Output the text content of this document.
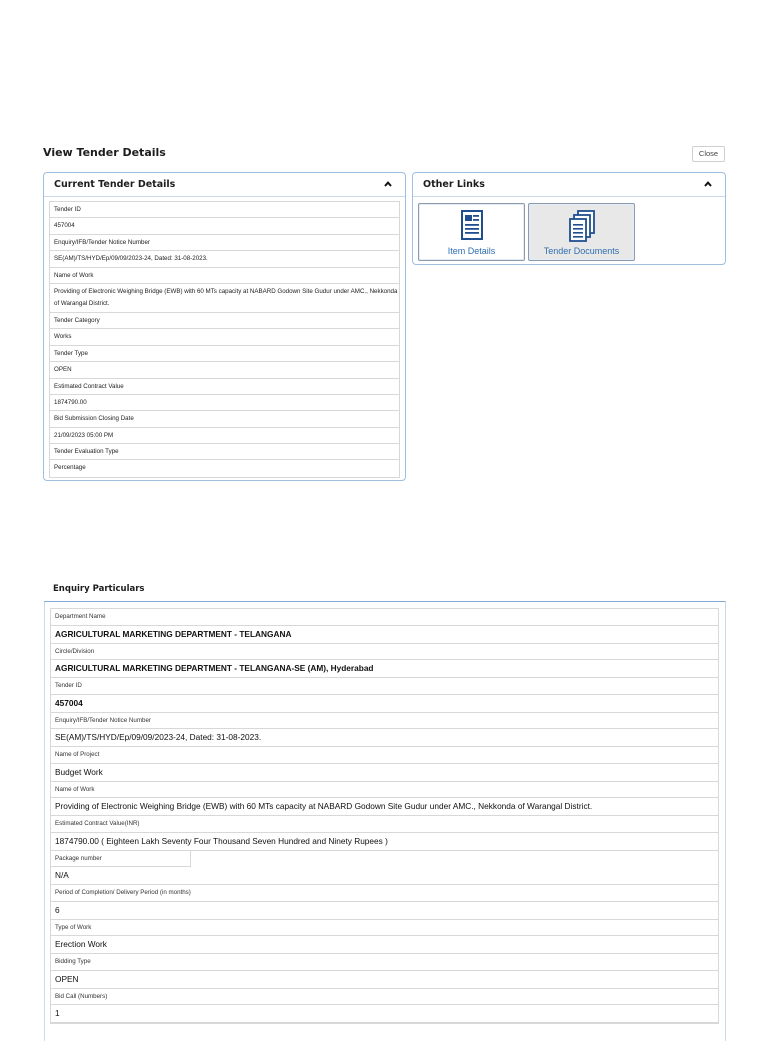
View Tender Details	Close
Current Tender Details
Tender ID
457004
Enquiry/IFB/Tender Notice Number
SE(AM)/TS/HYD/Ep/09/09/2023-24, Dated: 31-08-2023.
Name of Work
Providing of Electronic Weighing Bridge (EWB) with 60 MTs capacity at NABARD Godown Site Gudur under AMC., Nekkonda of Warangal District.
Tender Category
Works
Tender Type
OPEN
Estimated Contract Value
1874790.00
Bid Submission Closing Date
21/09/2023 05:00 PM
Tender Evaluation Type
Percentage
Other Links
Item Details	Tender Documents
Enquiry Particulars
Department Name
AGRICULTURAL MARKETING DEPARTMENT - TELANGANA
Circle/Division
AGRICULTURAL MARKETING DEPARTMENT - TELANGANA-SE (AM), Hyderabad
Tender ID
457004
Enquiry/IFB/Tender Notice Number
SE(AM)/TS/HYD/Ep/09/09/2023-24, Dated: 31-08-2023.
Name of Project
Budget Work
Name of Work
Providing of Electronic Weighing Bridge (EWB) with 60 MTs capacity at NABARD Godown Site Gudur under AMC., Nekkonda of Warangal District.
Estimated Contract Value(INR)
1874790.00 ( Eighteen Lakh Seventy Four Thousand Seven Hundred and Ninety Rupees )
Package number
N/A
Period of Completion/ Delivery Period (in months)
6
Type of Work
Erection Work
Bidding Type
OPEN
Bid Call (Numbers)
1
